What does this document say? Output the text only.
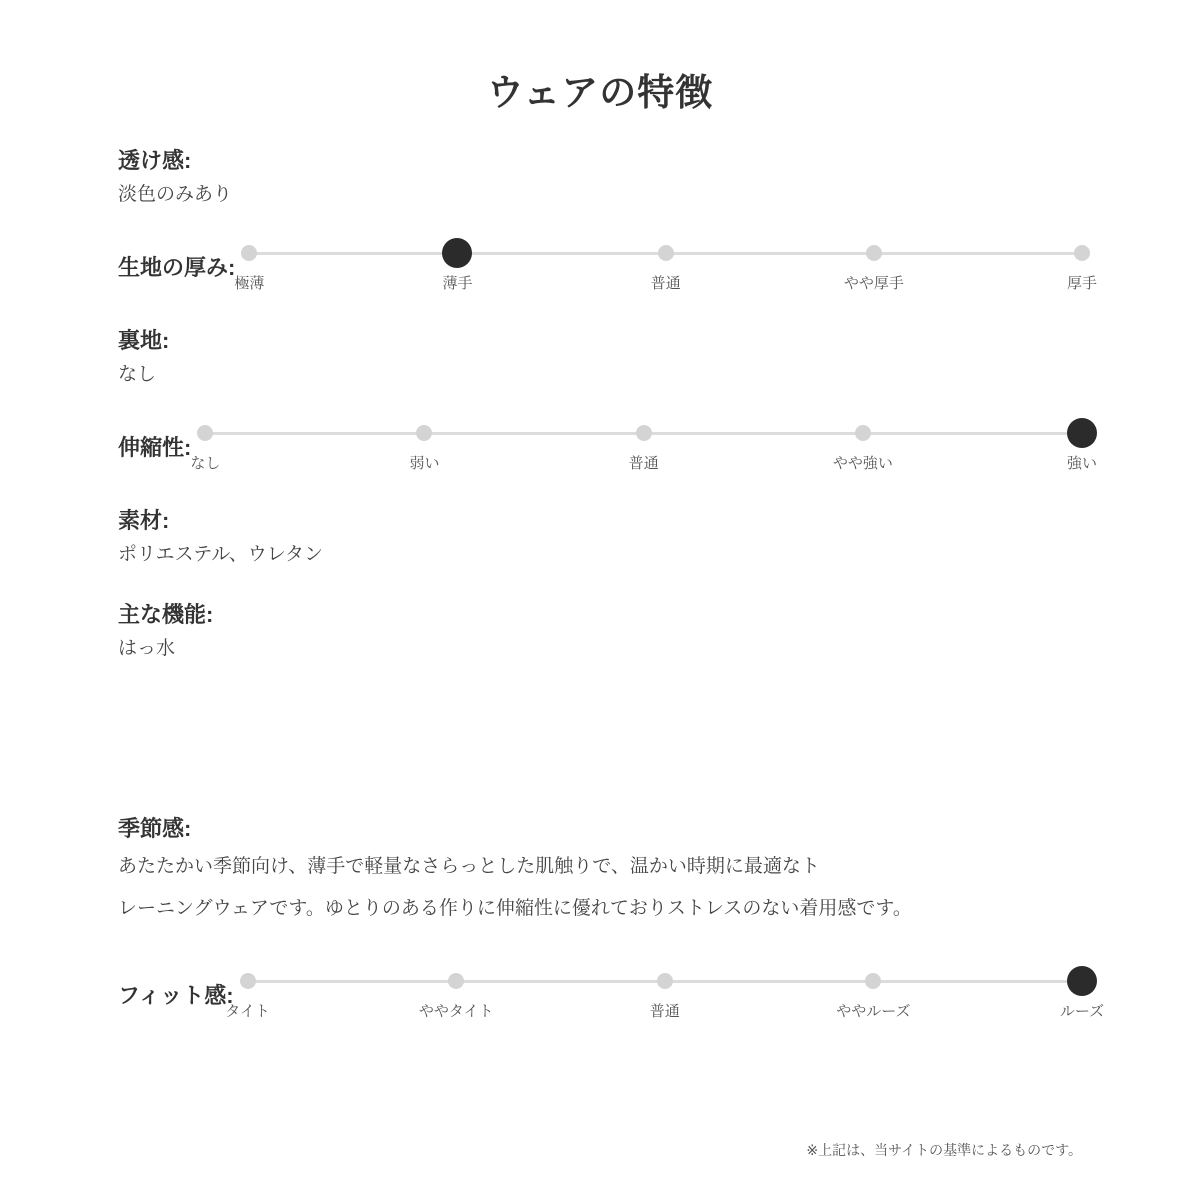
ウェアの特徴
透け感:
淡色のみあり
生地の厚み:
極薄	薄手	普通	やや厚手	厚手
裏地:
なし
伸縮性:
なし	弱い	普通	やや強い	強い
素材:
ポリエステル、ウレタン
主な機能:
はっ水
季節感:
あたたかい季節向け、薄手で軽量なさらっとした肌触りで、温かい時期に最適なト
レーニングウェアです。ゆとりのある作りに伸縮性に優れておりストレスのない着用感です。
フィット感:
タイト	ややタイト	普通	ややルーズ	ルーズ
※上記は、当サイトの基準によるものです。
